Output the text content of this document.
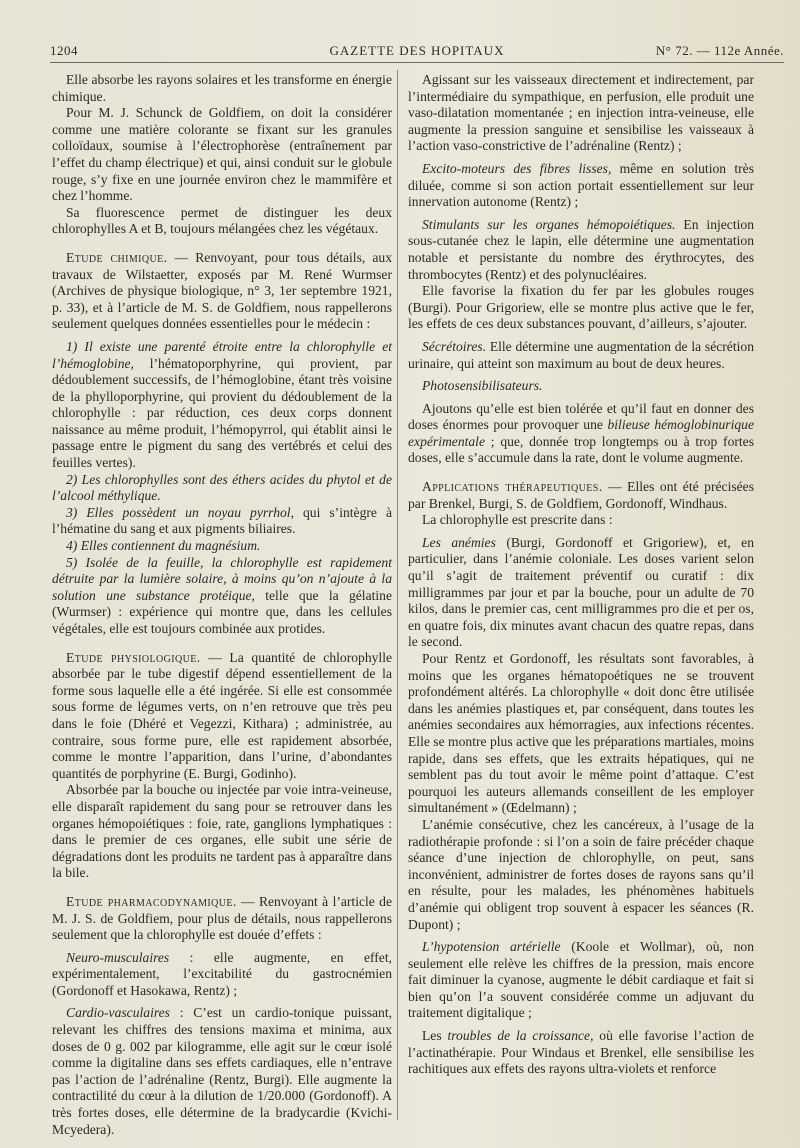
1204	GAZETTE DES HOPITAUX	N° 72. — 112e Année.

Elle absorbe les rayons solaires et les transforme en énergie chimique.

Pour M. J. Schunck de Goldfiem, on doit la considérer comme une matière colorante se fixant sur les granules colloïdaux, soumise à l’électrophorèse (entraînement par l’effet du champ électrique) et qui, ainsi conduit sur le globule rouge, s’y fixe en une journée environ chez le mammifère et chez l’homme.

Sa fluorescence permet de distinguer les deux chlorophylles A et B, toujours mélangées chez les végétaux.

Etude chimique. — Renvoyant, pour tous détails, aux travaux de Wilstaetter, exposés par M. René Wurmser (Archives de physique biologique, n° 3, 1er septembre 1921, p. 33), et à l’article de M. S. de Goldfiem, nous rappellerons seulement quelques données essentielles pour le médecin :

1) Il existe une parenté étroite entre la chlorophylle et l’hémoglobine, l’hématoporphyrine, qui provient, par dédoublement successifs, de l’hémoglobine, étant très voisine de la phylloporphyrine, qui provient du dédoublement de la chlorophylle : par réduction, ces deux corps donnent naissance au même produit, l’hémopyrrol, qui établit ainsi le passage entre le pigment du sang des vertébrés et celui des feuilles vertes).

2) Les chlorophylles sont des éthers acides du phytol et de l’alcool méthylique.

3) Elles possèdent un noyau pyrrhol, qui s’intègre à l’hématine du sang et aux pigments biliaires.

4) Elles contiennent du magnésium.

5) Isolée de la feuille, la chlorophylle est rapidement détruite par la lumière solaire, à moins qu’on n’ajoute à la solution une substance protéique, telle que la gélatine (Wurmser) : expérience qui montre que, dans les cellules végétales, elle est toujours combinée aux protides.

Etude physiologique. — La quantité de chlorophylle absorbée par le tube digestif dépend essentiellement de la forme sous laquelle elle a été ingérée. Si elle est consommée sous forme de légumes verts, on n’en retrouve que très peu dans le foie (Dhéré et Vegezzi, Kithara) ; administrée, au contraire, sous forme pure, elle est rapidement absorbée, comme le montre l’apparition, dans l’urine, d’abondantes quantités de porphyrine (E. Burgi, Godinho).

Absorbée par la bouche ou injectée par voie intra-veineuse, elle disparaît rapidement du sang pour se retrouver dans les organes hémopoiétiques : foie, rate, ganglions lymphatiques : dans le premier de ces organes, elle subit une série de dégradations dont les produits ne tardent pas à apparaître dans la bile.

Etude pharmacodynamique. — Renvoyant à l’article de M. J. S. de Goldfiem, pour plus de détails, nous rappellerons seulement que la chlorophylle est douée d’effets :

Neuro-musculaires : elle augmente, en effet, expérimentalement, l’excitabilité du gastrocnémien (Gordonoff et Hasokawa, Rentz) ;

Cardio-vasculaires : C’est un cardio-tonique puissant, relevant les chiffres des tensions maxima et minima, aux doses de 0 g. 002 par kilogramme, elle agit sur le cœur isolé comme la digitaline dans ses effets cardiaques, elle n’entrave pas l’action de l’adrénaline (Rentz, Burgi). Elle augmente la contractilité du cœur à la dilution de 1/20.000 (Gordonoff). A très fortes doses, elle détermine de la bradycardie (Kvichi-Mcyedera).

Agissant sur les vaisseaux directement et indirectement, par l’intermédiaire du sympathique, en perfusion, elle produit une vaso-dilatation momentanée ; en injection intra-veineuse, elle augmente la pression sanguine et sensibilise les vaisseaux à l’action vaso-constrictive de l’adrénaline (Rentz) ;

Excito-moteurs des fibres lisses, même en solution très diluée, comme si son action portait essentiellement sur leur innervation autonome (Rentz) ;

Stimulants sur les organes hémopoiétiques. En injection sous-cutanée chez le lapin, elle détermine une augmentation notable et persistante du nombre des érythrocytes, des thrombocytes (Rentz) et des polynucléaires.

Elle favorise la fixation du fer par les globules rouges (Burgi). Pour Grigoriew, elle se montre plus active que le fer, les effets de ces deux substances pouvant, d’ailleurs, s’ajouter.

Sécrétoires. Elle détermine une augmentation de la sécrétion urinaire, qui atteint son maximum au bout de deux heures.

Photosensibilisateurs.

Ajoutons qu’elle est bien tolérée et qu’il faut en donner des doses énormes pour provoquer une bilieuse hémoglobinurique expérimentale ; que, donnée trop longtemps ou à trop fortes doses, elle s’accumule dans la rate, dont le volume augmente.

Applications thérapeutiques. — Elles ont été précisées par Brenkel, Burgi, S. de Goldfiem, Gordonoff, Windhaus.

La chlorophylle est prescrite dans :

Les anémies (Burgi, Gordonoff et Grigoriew), et, en particulier, dans l’anémie coloniale. Les doses varient selon qu’il s’agit de traitement préventif ou curatif : dix milligrammes par jour et par la bouche, pour un adulte de 70 kilos, dans le premier cas, cent milligrammes pro die et per os, en quatre fois, dix minutes avant chacun des quatre repas, dans le second.

Pour Rentz et Gordonoff, les résultats sont favorables, à moins que les organes hématopoétiques ne se trouvent profondément altérés. La chlorophylle « doit donc être utilisée dans les anémies plastiques et, par conséquent, dans toutes les anémies secondaires aux hémorragies, aux infections récentes. Elle se montre plus active que les préparations martiales, moins rapide, dans ses effets, que les extraits hépatiques, qui ne semblent pas du tout avoir le même point d’attaque. C’est pourquoi les auteurs allemands conseillent de les employer simultanément » (Œdelmann) ;

L’anémie consécutive, chez les cancéreux, à l’usage de la radiothérapie profonde : si l’on a soin de faire précéder chaque séance d’une injection de chlorophylle, on peut, sans inconvénient, administrer de fortes doses de rayons sans qu’il en résulte, pour les malades, les phénomènes habituels d’anémie qui obligent trop souvent à espacer les séances (R. Dupont) ;

L’hypotension artérielle (Koole et Wollmar), où, non seulement elle relève les chiffres de la pression, mais encore fait diminuer la cyanose, augmente le débit cardiaque et fait si bien qu’on l’a souvent considérée comme un adjuvant du traitement digitalique ;

Les troubles de la croissance, où elle favorise l’action de l’actinathérapie. Pour Windaus et Brenkel, elle sensibilise les rachitiques aux effets des rayons ultra-violets et renforce
